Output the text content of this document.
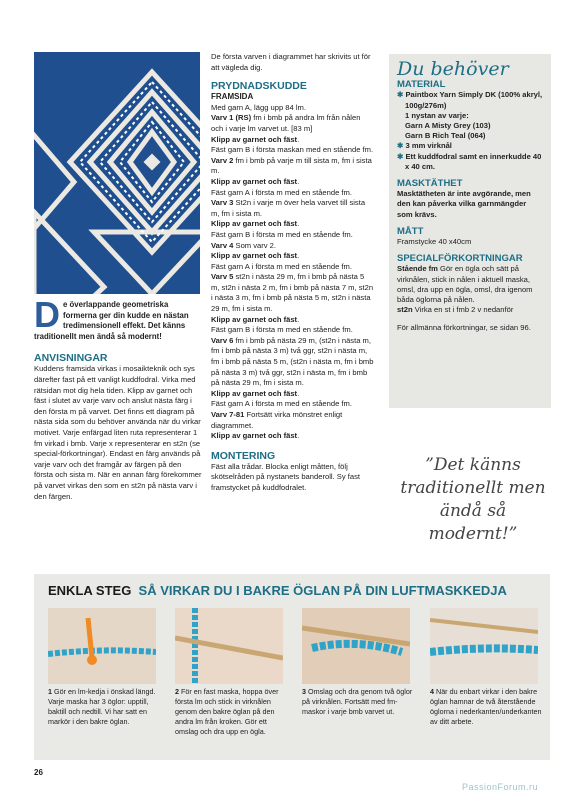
De överlappande geometriska formerna ger din kudde en nästan tredimensionell effekt. Det känns traditionellt men ändå så modernt!

ANVISNINGAR

Kuddens framsida virkas i mosaikteknik och sys därefter fast på ett vanligt kuddfodral. Virka med rätsidan mot dig hela tiden. Klipp av garnet och fäst i slutet av varje varv och anslut nästa färg i den första m på varvet. Det finns ett diagram på nästa sida som du behöver använda när du virkar motivet. Varje enfärgad liten ruta representerar 1 fm virkad i bmb. Varje x representerar en st2n (se special-förkortningar). Endast en färg används på varje varv och det framgår av färgen på den första och sista m. När en annan färg förekommer på varvet virkas den som en st2n på nästa varv i den färgen.

De första varven i diagrammet har skrivits ut för att vägleda dig.

PRYDNADSKUDDE
FRAMSIDA

Med garn A, lägg upp 84 lm.

Varv 1 (RS) fm i bmb på andra lm från nålen och i varje lm varvet ut. [83 m]

Klipp av garnet och fäst.

Fäst garn B i första maskan med en stående fm.

Varv 2 fm i bmb på varje m till sista m, fm i sista m.

Klipp av garnet och fäst.

Fäst garn A i första m med en stående fm.

Varv 3 St2n i varje m över hela varvet till sista m, fm i sista m.

Klipp av garnet och fäst.

Fäst garn B i första m med en stående fm.

Varv 4 Som varv 2.

Klipp av garnet och fäst.

Fäst garn A i första m med en stående fm.

Varv 5 st2n i nästa 29 m, fm i bmb på nästa 5 m, st2n i nästa 2 m, fm i bmb på nästa 7 m, st2n i nästa 3 m, fm i bmb på nästa 5 m, st2n i nästa 29 m, fm i sista m.

Klipp av garnet och fäst.

Fäst garn B i första m med en stående fm.

Varv 6 fm i bmb på nästa 29 m, (st2n i nästa m, fm i bmb på nästa 3 m) två ggr, st2n i nästa m, fm i bmb på nästa 5 m, (st2n i nästa m, fm i bmb på nästa 3 m) två ggr, st2n i nästa m, fm i bmb på nästa 29 m, fm i sista m.

Klipp av garnet och fäst.

Fäst garn A i första m med en stående fm.

Varv 7-81 Fortsätt virka mönstret enligt diagrammet.

Klipp av garnet och fäst.

MONTERING

Fäst alla trådar. Blocka enligt måtten, följ skötselråden på nystanets banderoll. Sy fast framstycket på kuddfodralet.

Du behöver
MATERIAL
✱ Paintbox Yarn Simply DK (100% akryl, 100g/276m)
1 nystan av varje:
Garn A Misty Grey (103)
Garn B Rich Teal (064)
✱ 3 mm virknål
✱ Ett kuddfodral samt en innerkudde 40 x 40 cm.
MASKTÄTHET
Masktätheten är inte avgörande, men den kan påverka vilka garnmängder som krävs.
MÅTT
Framstycke 40 x40cm
SPECIALFÖRKORTNINGAR
Stående fm Gör en ögla och sätt på virknålen, stick in nålen i aktuell maska, omsl, dra upp en ögla, omsl, dra igenom båda öglorna på nålen.
st2n Virka en st i fmb 2 v nedanför
För allmänna förkortningar, se sidan 96.
”Det känns traditionellt men ändå så modernt!”
ENKLA STEG SÅ VIRKAR DU I BAKRE ÖGLAN PÅ DIN LUFTMASKKEDJA
1 Gör en lm-kedja i önskad längd. Varje maska har 3 öglor: upptill, baktill och nedtill. Vi har satt en markör i den bakre öglan.
2 För en fast maska, hoppa över första lm och stick in virknålen genom den bakre öglan på den andra lm från kroken. Gör ett omslag och dra upp en ögla.
3 Omslag och dra genom två öglor på virknålen. Fortsätt med fm-maskor i varje bmb varvet ut.
4 När du enbart virkar i den bakre öglan hamnar de två återstående öglorna i nederkanten/underkanten av ditt arbete.
26
PassionForum.ru
